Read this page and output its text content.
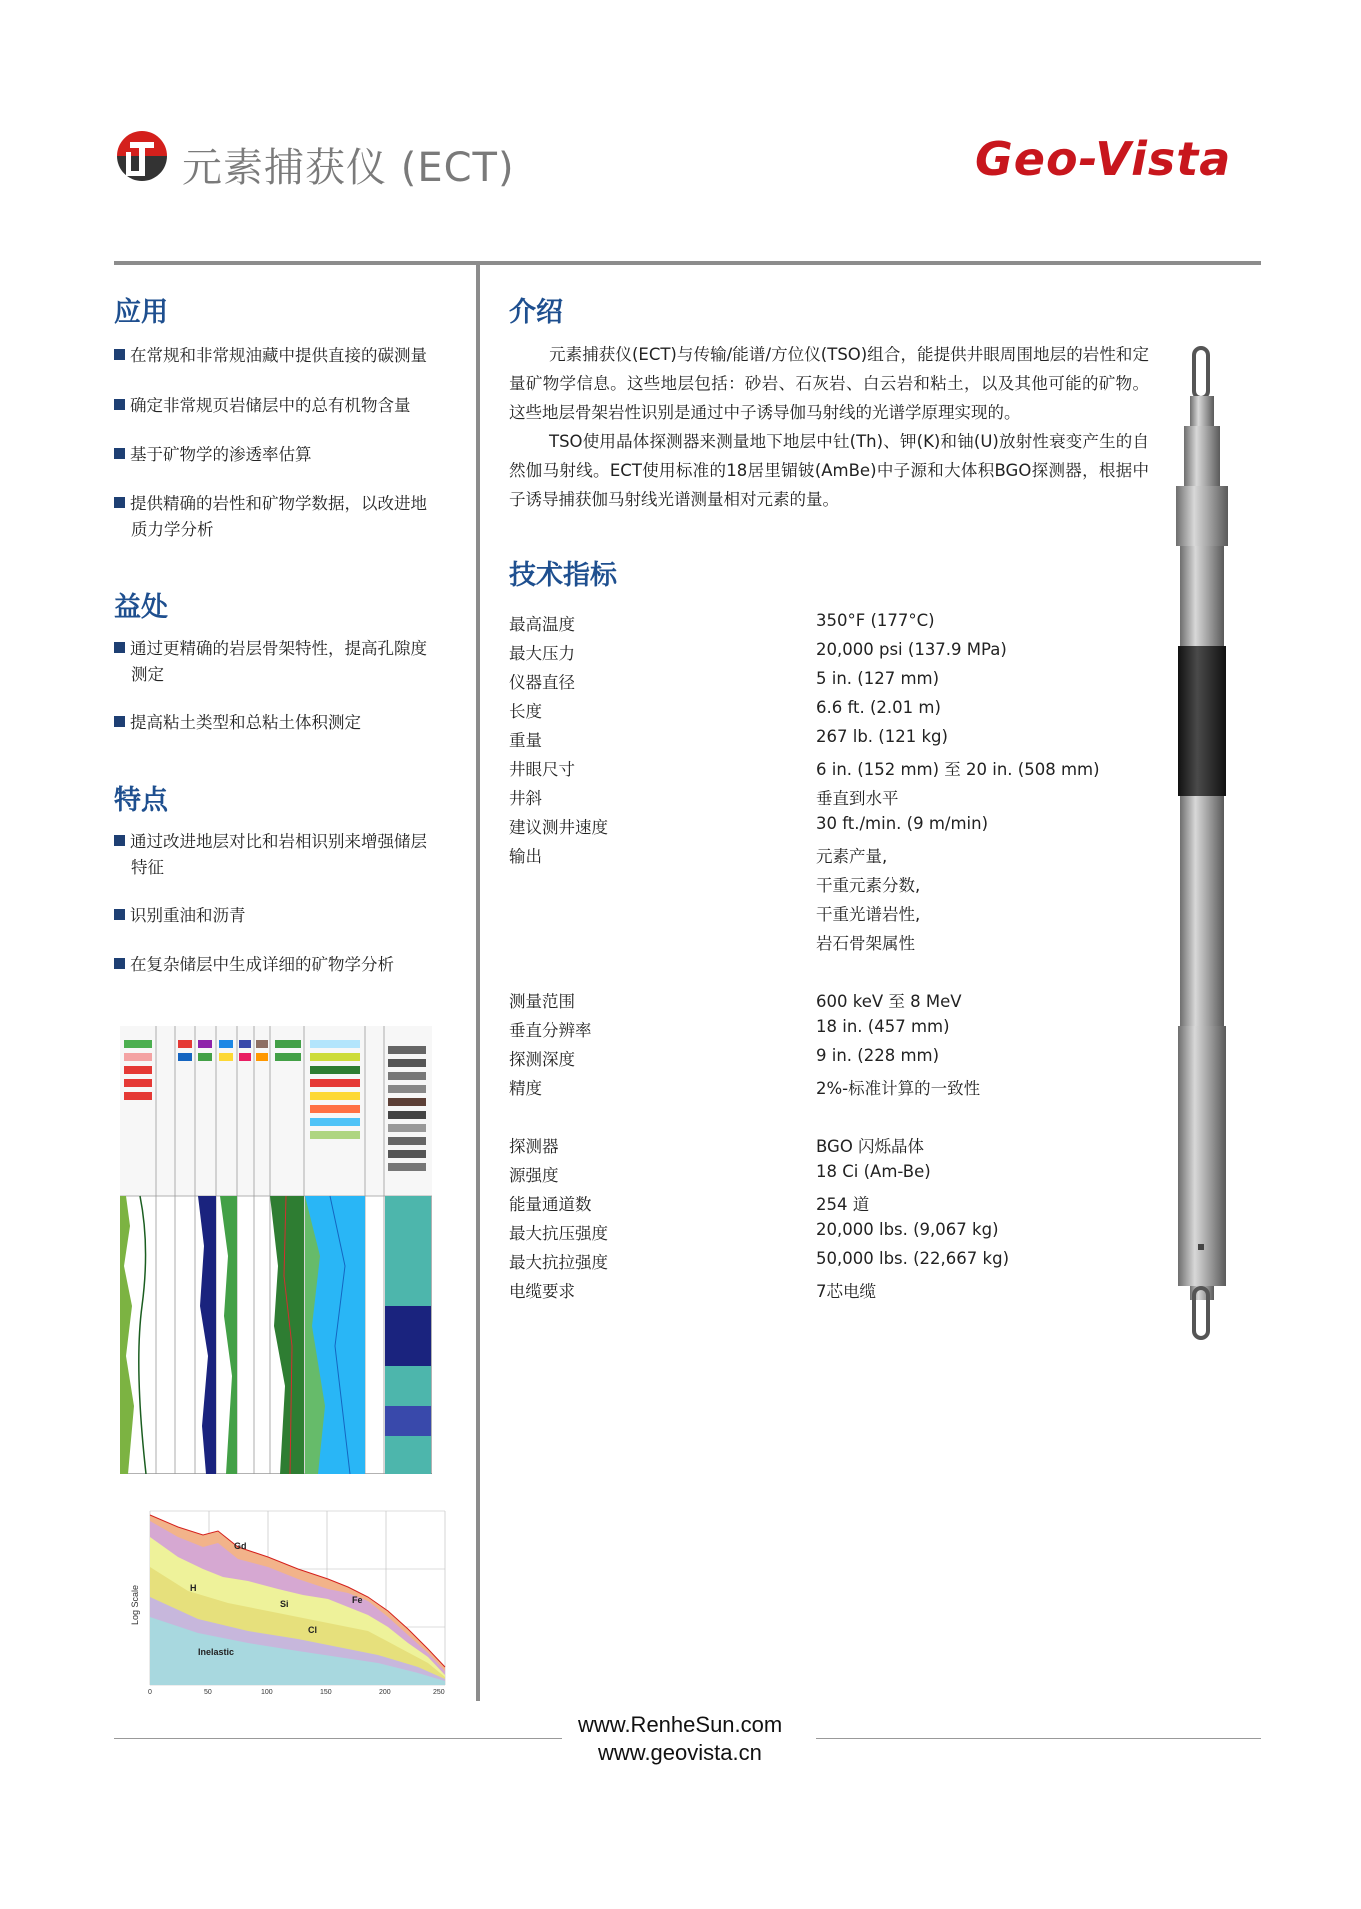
元素捕获仪 (ECT)	Geo-Vista
应用
在常规和非常规油藏中提供直接的碳测量
确定非常规页岩储层中的总有机物含量
基于矿物学的渗透率估算
提供精确的岩性和矿物学数据，以改进地
质力学分析
益处
通过更精确的岩层骨架特性，提高孔隙度
测定
提高粘土类型和总粘土体积测定
特点
通过改进地层对比和岩相识别来增强储层
特征
识别重油和沥青
在复杂储层中生成详细的矿物学分析
Log Scale
Gd
H
Si	Fe
Cl
Inelastic
0	50	100	150	200	250
介绍
元素捕获仪(ECT)与传输/能谱/方位仪(TSO)组合，能提供井眼周围地层的岩性和定量矿物学信息。这些地层包括：砂岩、石灰岩、白云岩和粘土，以及其他可能的矿物。这些地层骨架岩性识别是通过中子诱导伽马射线的光谱学原理实现的。
TSO使用晶体探测器来测量地下地层中钍(Th)、钾(K)和铀(U)放射性衰变产生的自然伽马射线。ECT使用标准的18居里镅铍(AmBe)中子源和大体积BGO探测器，根据中子诱导捕获伽马射线光谱测量相对元素的量。
技术指标
最高温度	350°F (177°C)
最大压力	20,000 psi (137.9 MPa)
仪器直径	5 in. (127 mm)
长度	6.6 ft. (2.01 m)
重量	267 lb. (121 kg)
井眼尺寸	6 in. (152 mm) 至 20 in. (508 mm)
井斜	垂直到水平
建议测井速度	30 ft./min. (9 m/min)
输出	元素产量,
干重元素分数,
干重光谱岩性,
岩石骨架属性
测量范围	600 keV 至 8 MeV
垂直分辨率	18 in. (457 mm)
探测深度	9 in. (228 mm)
精度	2%-标准计算的一致性
探测器	BGO 闪烁晶体
源强度	18 Ci (Am-Be)
能量通道数	254 道
最大抗压强度	20,000 lbs. (9,067 kg)
最大抗拉强度	50,000 lbs. (22,667 kg)
电缆要求	7芯电缆
www.RenheSun.com
www.geovista.cn
